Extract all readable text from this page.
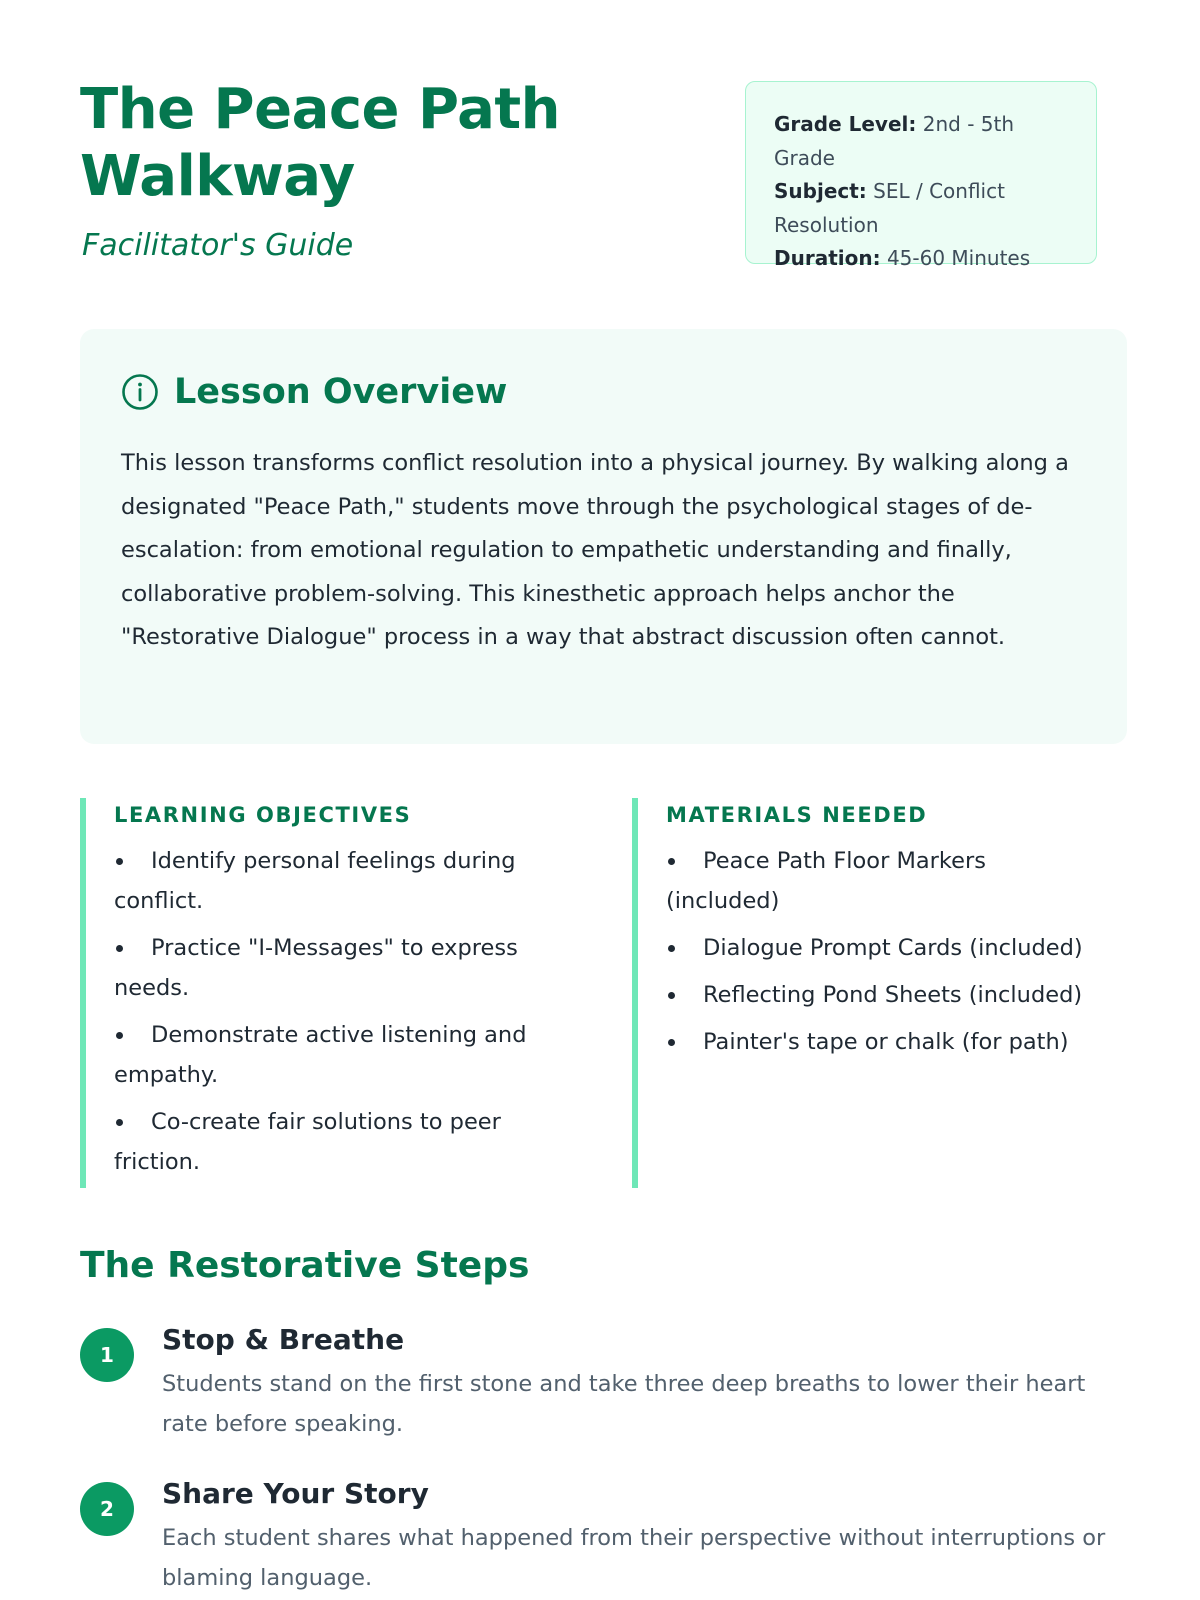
The Peace Path Walkway

Facilitator's Guide

Grade Level: 2nd - 5th Grade
Subject: SEL / Conflict Resolution
Duration: 45-60 Minutes
Lesson Overview

This lesson transforms conflict resolution into a physical journey. By walking along a designated "Peace Path," students move through the psychological stages of de-escalation: from emotional regulation to empathetic understanding and finally, collaborative problem-solving. This kinesthetic approach helps anchor the "Restorative Dialogue" process in a way that abstract discussion often cannot.

LEARNING OBJECTIVES
Identify personal feelings during conflict.
Practice "I-Messages" to express needs.
Demonstrate active listening and empathy.
Co-create fair solutions to peer friction.
MATERIALS NEEDED
Peace Path Floor Markers (included)
Dialogue Prompt Cards (included)
Reflecting Pond Sheets (included)
Painter's tape or chalk (for path)
The Restorative Steps
1	Stop & Breathe

Students stand on the first stone and take three deep breaths to lower their heart rate before speaking.

2	Share Your Story

Each student shares what happened from their perspective without interruptions or blaming language.
